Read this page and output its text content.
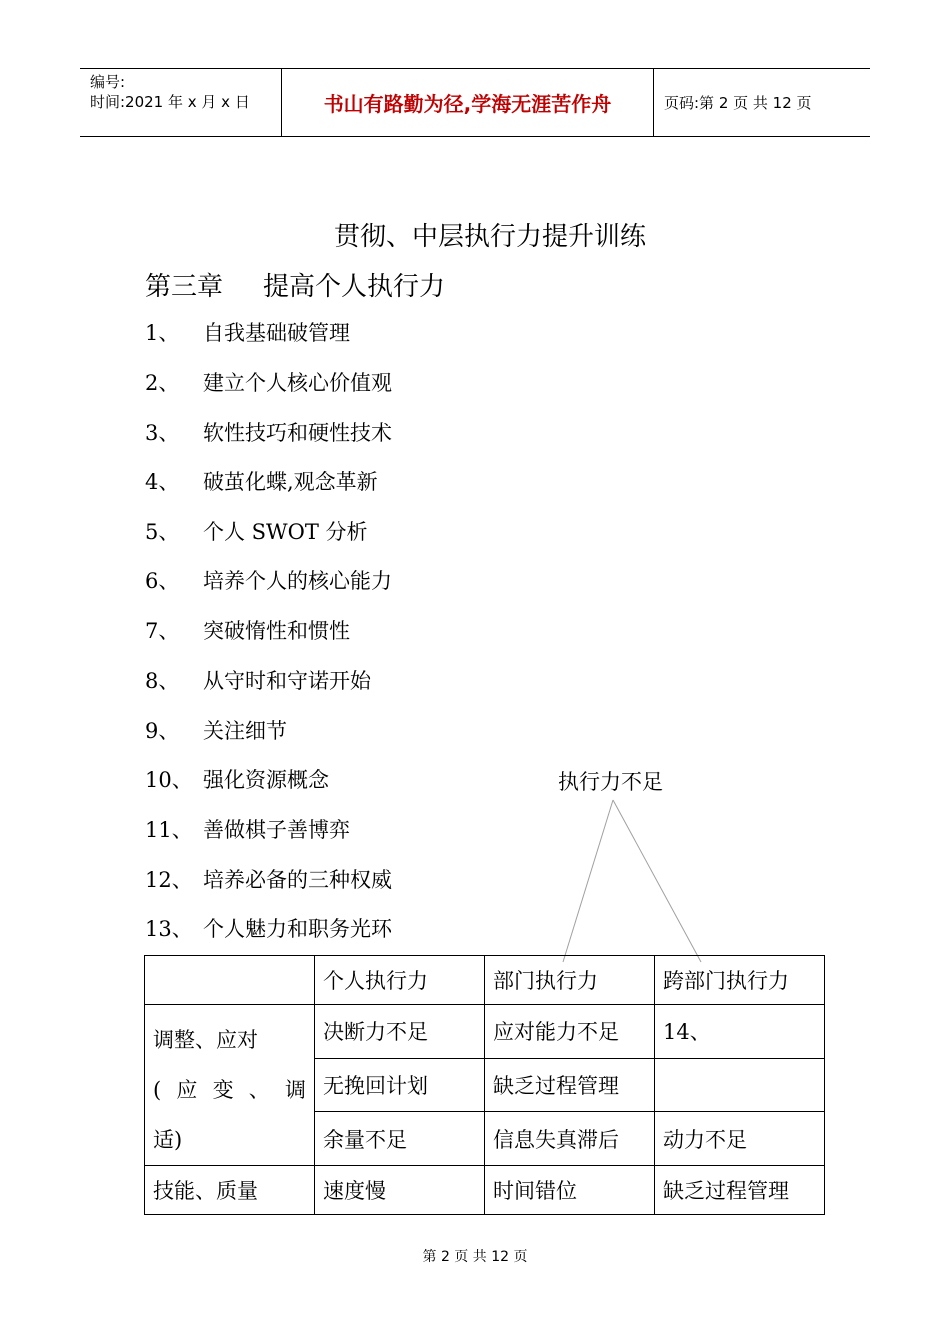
编号:
时间:2021 年 x 月 x 日	书山有路勤为径,学海无涯苦作舟	页码:第 2 页 共 12 页
贯彻、中层执行力提升训练
第三章 提高个人执行力
1、 自我基础破管理
2、 建立个人核心价值观
3、 软性技巧和硬性技术
4、 破茧化蝶,观念革新
5、 个人 SWOT 分析
6、 培养个人的核心能力
7、 突破惰性和惯性
8、 从守时和守诺开始
9、 关注细节
10、 强化资源概念
11、 善做棋子善博弈
12、 培养必备的三种权威
13、 个人魅力和职务光环
执行力不足
	个人执行力	部门执行力	跨部门执行力

调整、应对
(应变、调
适)	决断力不足	应对能力不足	14、
	无挽回计划	缺乏过程管理	
	余量不足	信息失真滞后	动力不足
技能、质量	速度慢	时间错位	缺乏过程管理
第 2 页 共 12 页
